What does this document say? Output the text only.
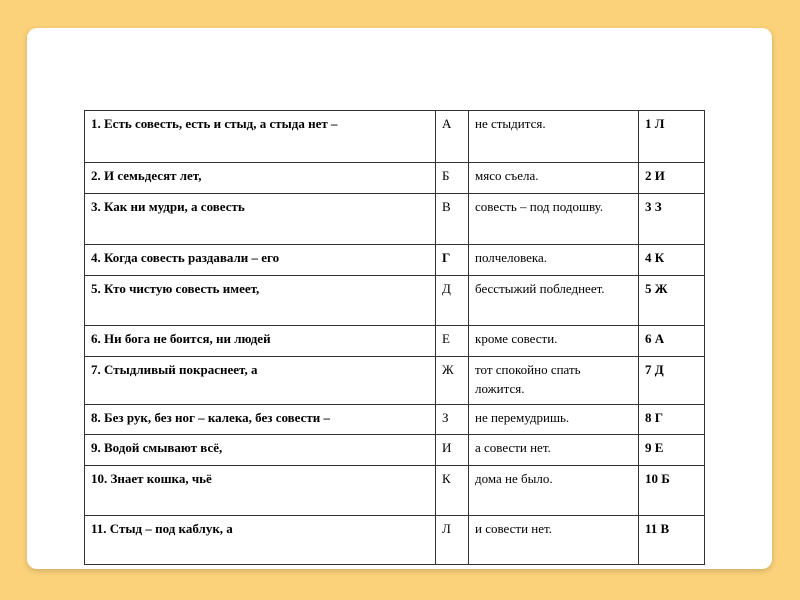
1. Есть совесть, есть и стыд, а стыда нет –	А	не стыдится.	1 Л
2. И семьдесят лет,	Б	мясо съела.	2 И
3. Как ни мудри, а совесть	В	совесть – под подошву.	3 З
4. Когда совесть раздавали – его	Г	полчеловека.	4 К
5. Кто чистую совесть имеет,	Д	бесстыжий побледнеет.	5 Ж
6. Ни бога не боится, ни людей	Е	кроме совести.	6 А
7. Стыдливый покраснеет, а	Ж	тот спокойно спать ложится.	7 Д
8. Без рук, без ног – калека, без совести –	З	не перемудришь.	8 Г
9. Водой смывают всё,	И	а совести нет.	9 Е
10. Знает кошка, чьё	К	дома не было.	10 Б
11. Стыд – под каблук, а	Л	и совести нет.	11 В
